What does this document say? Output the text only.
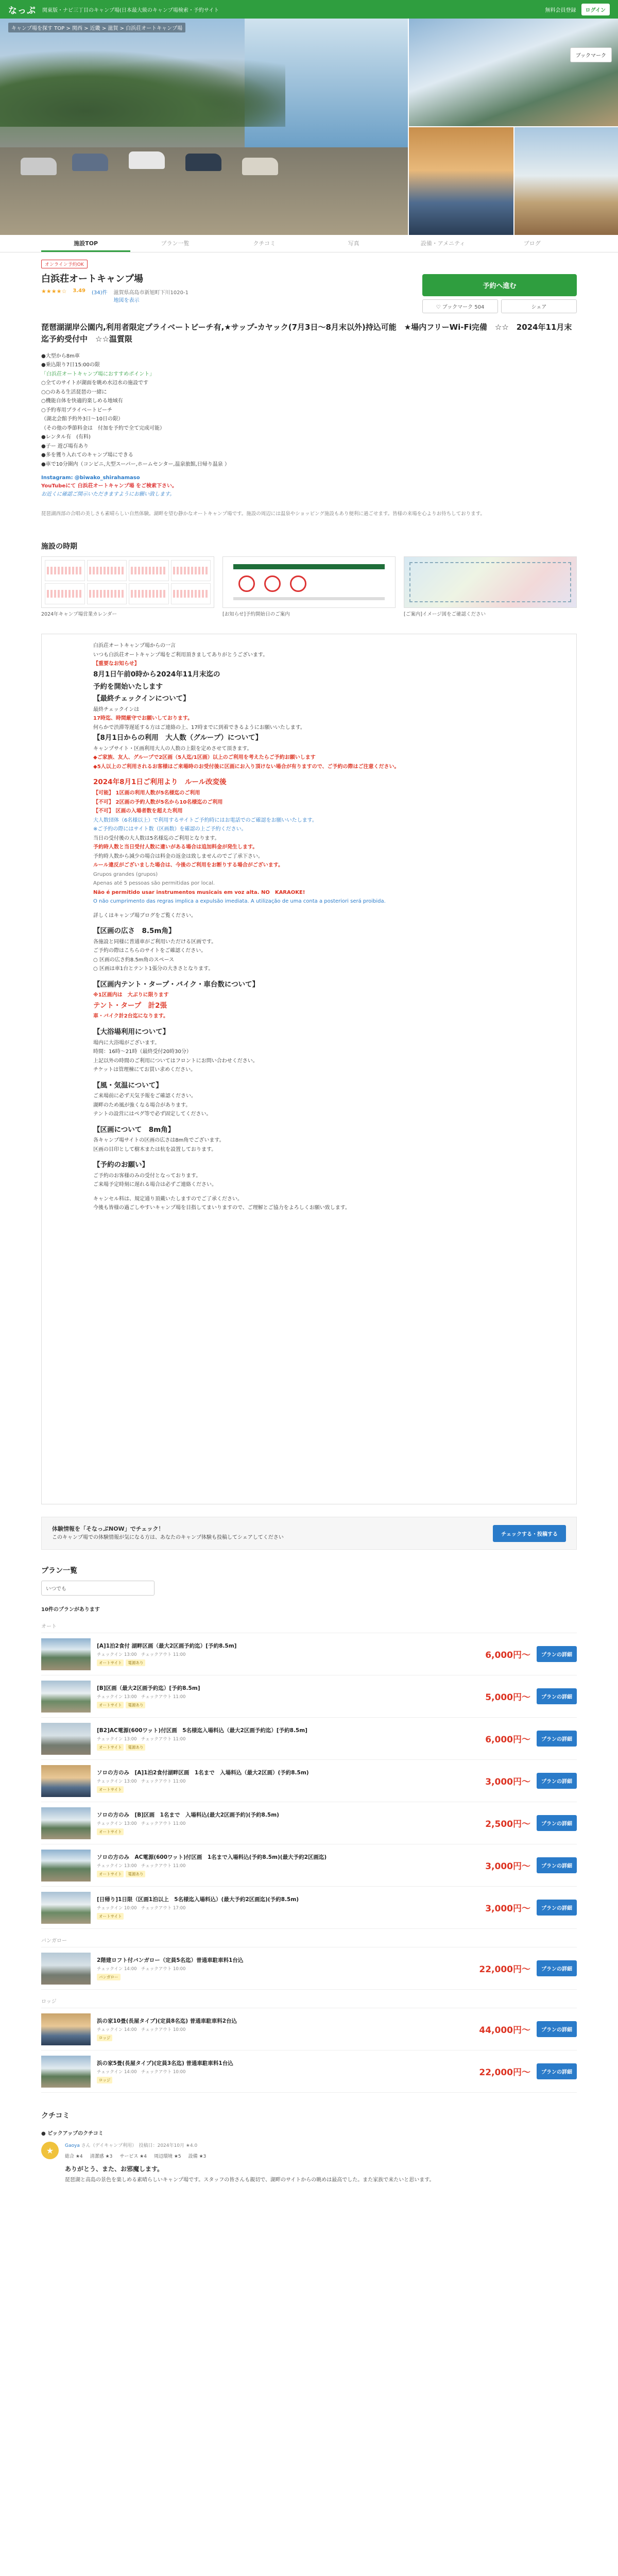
なっぷ 関東版・ナビ三丁目のキャンプ場(日本最大級のキャンプ場検索・予約サイト	無料会員登録	ログイン
キャンプ場を探す TOP > 関西 > 近畿 > 滋賀 > 白浜荘オートキャンプ場
ブックマーク
施設TOP	プラン一覧	クチコミ	写真	設備・アメニティ	ブログ
オンライン予約OK
白浜荘オートキャンプ場
★★★★☆ 3.49 (34)件 滋賀県高島市新旭町下川1020-1
地図を表示
予約へ進む
♡ ブックマーク 504	シェア
琵琶湖湖岸公園内,利用者限定プライベートビーチ有,★サップ-カヤック(7月3日〜8月末以外)持込可能　★場内フリーWi-Fi完備　☆☆　2024年11月末迄予約受付中　☆☆温質限
●大型から8m車
●乗込限り7日15:00の限
「白浜荘オートキャンプ場におすすめポイント」
○全てのサイトが湖面を眺め水辺水の施設です
○○のある生活琵琶の一緒に
○機能自体を快適的楽しめる地域有
○予約専用プライベートビーチ
（湖北会館予約外3日～10日の限）
（その他の季節料金は　付加を予約で全て完成可能）
●レンタル有　(有料)
●子ー 遊び場有あり
●多を獲り入れてのキャンプ場にできる
●車で10分圏内（コンビニ,大型スーパー,ホームセンター,温泉旅館,日帰り温泉 ）
Instagram: @biwako_shirahamaso
YouTubeにて 白浜荘オートキャンプ場 をご検索下さい。
お近くに確認ご開示いただきますようにお願い致します。
琵琶湖西部の合唱の美しさも素晴らしい自然体験。湖畔を望む静かなオートキャンプ場です。施設の周辺には温泉やショッピング施設もあり便利に過ごせます。皆様の来場を心よりお待ちしております。
施設の時期
2024年キャンプ場営業カレンダー	[お知らせ]予約開始日のご案内	[ご案内]イメージ図をご確認ください
白浜荘オートキャンプ場からの一言
いつも白浜荘オートキャンプ場をご利用頂きましてありがとうございます。
【重要なお知らせ】
8月1日午前0時から2024年11月末迄の
予約を開始いたします
【最終チェックインについて】
最終チェックインは
17時迄、時間厳守でお願いしております。
何らかで渋滞等遅延する方はご連絡の上、17時までに到着できるようにお願いいたします。
【8月1日からの利用　大人数（グループ）について】
キャンプサイト・区画利用大人の人数の上限を定めさせて頂きます。
◆ご家族、友人、グループで2区画（5人迄/1区画）以上のご利用を考えたらご予約お願いします
◆5人以上のご利用されるお客様はご来場時のお受付後に区画にお入り頂けない場合が有りますので、ご予約の際はご注意ください。
2024年8月1日ご利用より　ルール改変後
【可能】 1区画の利用人数が5名様迄のご利用
【不可】 2区画の予約人数が5名から10名様迄のご利用
【不可】 区画の入場者数を超えた利用
大人数団体（6名様以上）で利用するサイトご予約時にはお電話でのご確認をお願いいたします。
※ご予約の際にはサイト数（区画数）を確認の上ご予約ください。
当日の受付後の大人数は5名様迄のご利用となります。
予約時人数と当日受付人数に違いがある場合は追加料金が発生します。
予約時人数から減少の場合は料金の返金は致しませんのでご了承下さい。
ルール違反がございました場合は、今後のご利用をお断りする場合がございます。
Grupos grandes (grupos)
Apenas até 5 pessoas são permitidas por local.
Não é permitido usar instrumentos musicais em voz alta. NO　KARAOKE!
O não cumprimento das regras implica a expulsão imediata. A utilização de uma conta a posteriori será proibida.
詳しくはキャンプ場ブログをご覧ください。
【区画の広さ　8.5m角】
各施設と同様に普通車がご利用いただける区画です。
ご予約の際はこちらのサイトをご確認ください。
○ 区画の広さ約8.5m角のスペース
○ 区画は車1台とテント1張分の大きさとなります。
【区画内テント・タープ・バイク・車台数について】
※1区画内は　大ぶりに限ります
テント・タープ　計2張
車・バイク計2台迄になります。
【大浴場利用について】
場内に大浴場がございます。
時間：16時～21時（最終受付20時30分）
上記以外の時間のご利用についてはフロントにお問い合わせください。
チケットは管理棟にてお買い求めください。
【風・気温について】
ご来場前に必ず天気予報をご確認ください。
湖畔のため風が強くなる場合があります。
テントの設営にはペグ等で必ず固定してください。
【区画について　8m角】
各キャンプ場サイトの区画の広さは8m角でございます。
区画の目印として樹木または杭を設置しております。
【予約のお願い】
ご予約のお客様のみの受付となっております。
ご来場予定時刻に遅れる場合は必ずご連絡ください。
キャンセル料は、規定通り頂戴いたしますのでご了承ください。
今後も皆様の過ごしやすいキャンプ場を目指してまいりますので、ご理解とご協力をよろしくお願い致します。
体験情報を「そなっぷNOW」でチェック！
このキャンプ場での体験情報が気になる方は、あなたのキャンプ体験も投稿してシェアしてください
チェックする・投稿する
プラン一覧
いつでも
10件のプランがあります
オート
[A]1泊2食付 湖畔区画（最大2区画予約迄）[予約8.5m]
チェックイン 13:00　チェックアウト 11:00
オートサイト	電源あり
6,000円〜	プランの詳細
[B]区画（最大2区画予約迄）[予約8.5m]
チェックイン 13:00　チェックアウト 11:00
オートサイト	電源あり
5,000円〜	プランの詳細
[B2]AC電源(600ワット)付区画　5名様迄入場料込（最大2区画予約迄）[予約8.5m]
チェックイン 13:00　チェックアウト 11:00
オートサイト	電源あり
6,000円〜	プランの詳細
ソロの方のみ　[A]1泊2食付湖畔区画　1名まで　入場料込（最大2区画）(予約8.5m)
チェックイン 13:00　チェックアウト 11:00
オートサイト
3,000円〜	プランの詳細
ソロの方のみ　[B]区画　1名まで　入場料込(最大2区画予約)(予約8.5m)
チェックイン 13:00　チェックアウト 11:00
オートサイト
2,500円〜	プランの詳細
ソロの方のみ　AC電源(600ワット)付区画　1名まで入場料込(予約8.5m)(最大予約2区画迄)
チェックイン 13:00　チェックアウト 11:00
オートサイト	電源あり
3,000円〜	プランの詳細
[日帰り]1日限（区画1泊以上　5名様迄入場料込）(最大予約2区画迄)(予約8.5m)
チェックイン 10:00　チェックアウト 17:00
オートサイト
3,000円〜	プランの詳細
バンガロー
2階建ロフト付バンガロー（定員5名迄）普通車駐車料1台込
チェックイン 14:00　チェックアウト 10:00
バンガロー
22,000円〜	プランの詳細
ロッジ
浜の家10畳(長屋タイプ)(定員8名迄) 普通車駐車料2台込
チェックイン 14:00　チェックアウト 10:00
ロッジ
44,000円〜	プランの詳細
浜の家5畳(長屋タイプ)(定員3名迄) 普通車駐車料1台込
チェックイン 14:00　チェックアウト 10:00
ロッジ
22,000円〜	プランの詳細
クチコミ
● ピックアップのクチコミ
★	Gaoya さん（デイキャンプ利用）　投稿日：2024年10月 ★4.0
総合 ★4 清潔感 ★3 サービス ★4 周辺環境 ★5 設備 ★3
ありがとう、また、お邪魔します。
琵琶湖と高島の景色を楽しめる素晴らしいキャンプ場です。スタッフの皆さんも親切で、湖畔のサイトからの眺めは最高でした。また家族で来たいと思います。
